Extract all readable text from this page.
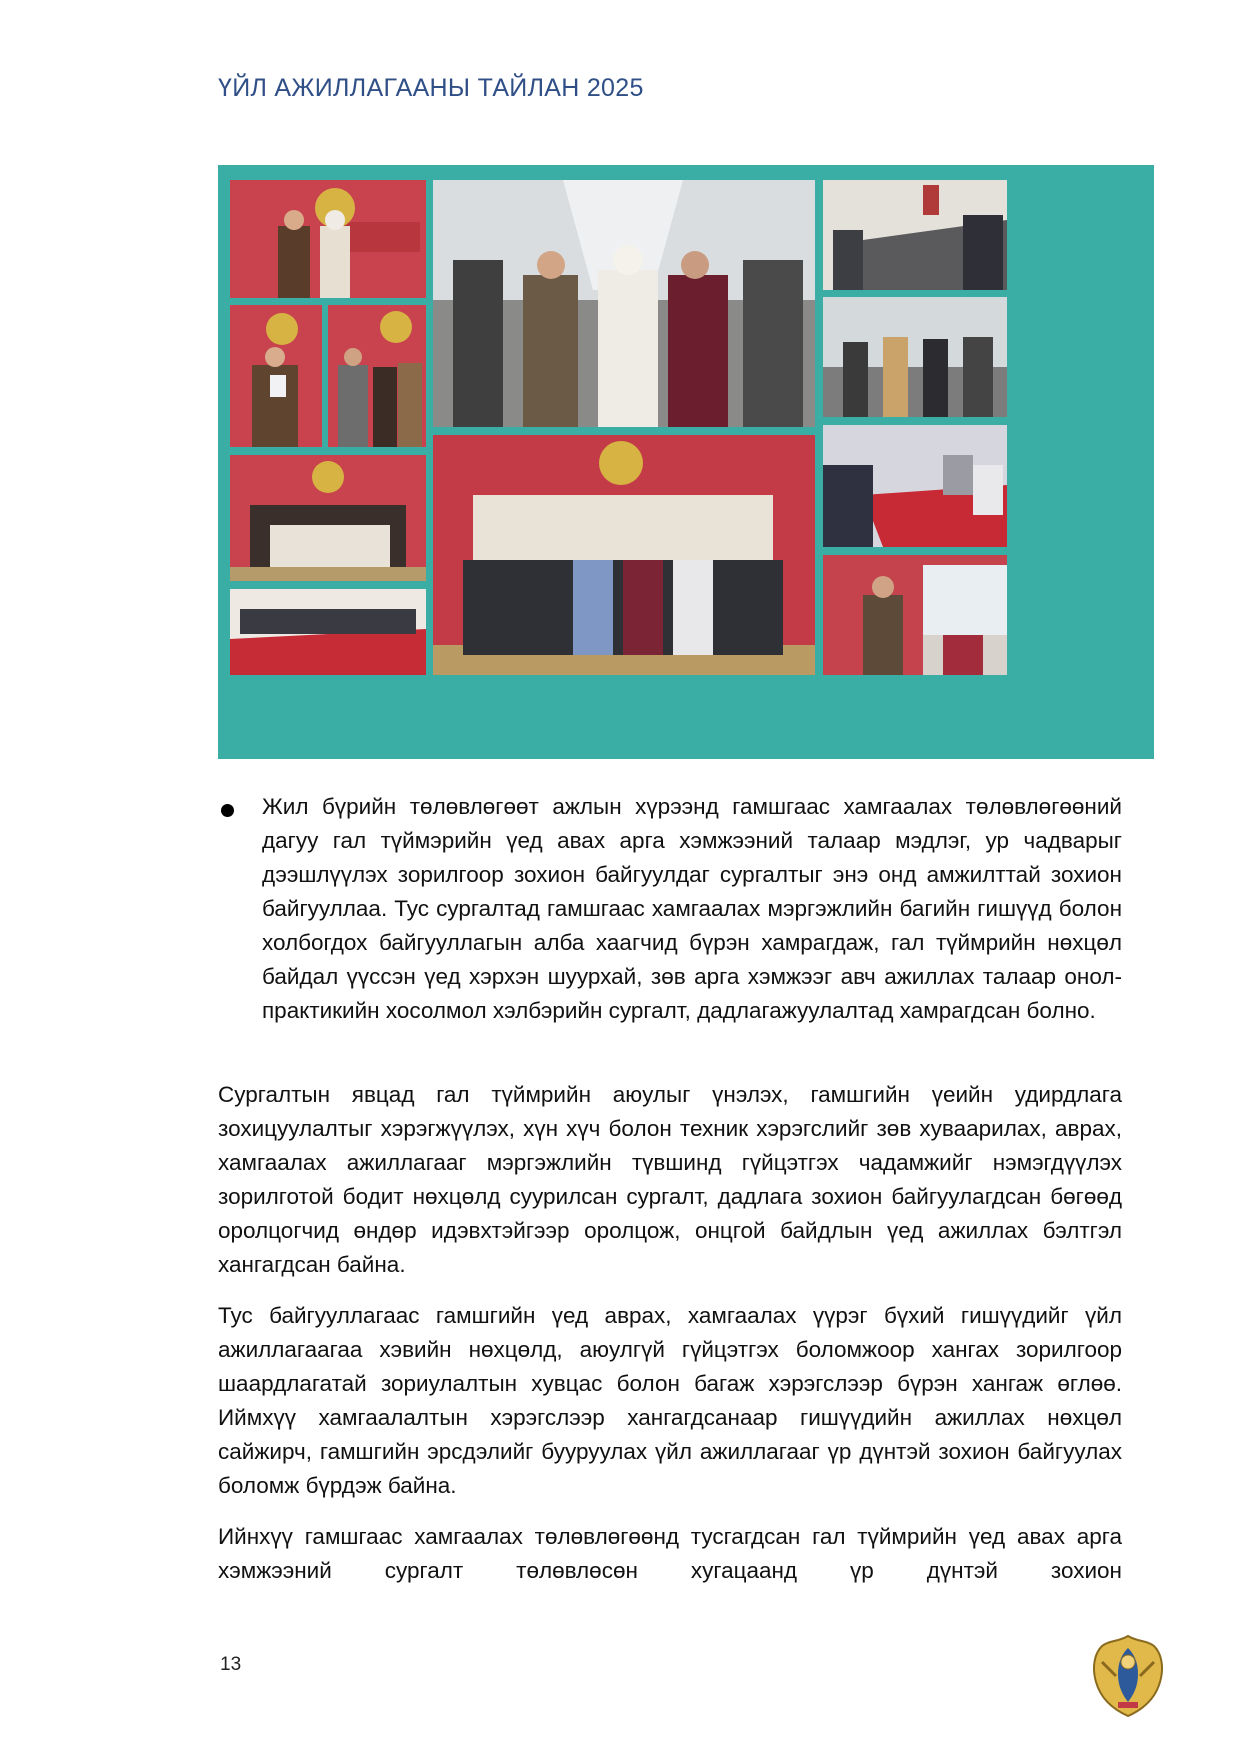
ҮЙЛ АЖИЛЛАГААНЫ ТАЙЛАН 2025

Жил бүрийн төлөвлөгөөт ажлын хүрээнд гамшгаас хамгаалах төлөвлөгөөний дагуу гал түймэрийн үед авах арга хэмжээний талаар мэдлэг, ур чадварыг дээшлүүлэх зорилгоор зохион байгуулдаг сургалтыг энэ онд амжилттай зохион байгууллаа. Тус сургалтад гамшгаас хамгаалах мэргэжлийн багийн гишүүд болон холбогдох байгууллагын алба хаагчид бүрэн хамрагдаж, гал түймрийн нөхцөл байдал үүссэн үед хэрхэн шуурхай, зөв арга хэмжээг авч ажиллах талаар онол-практикийн хосолмол хэлбэрийн сургалт, дадлагажуулалтад хамрагдсан болно.

Сургалтын явцад гал түймрийн аюулыг үнэлэх, гамшгийн үеийн удирдлага зохицуулалтыг хэрэгжүүлэх, хүн хүч болон техник хэрэгслийг зөв хуваарилах, аврах, хамгаалах ажиллагааг мэргэжлийн түвшинд гүйцэтгэх чадамжийг нэмэгдүүлэх зорилготой бодит нөхцөлд суурилсан сургалт, дадлага зохион байгуулагдсан бөгөөд оролцогчид өндөр идэвхтэйгээр оролцож, онцгой байдлын үед ажиллах бэлтгэл хангагдсан байна.

Тус байгууллагаас гамшгийн үед аврах, хамгаалах үүрэг бүхий гишүүдийг үйл ажиллагаагаа хэвийн нөхцөлд, аюулгүй гүйцэтгэх боломжоор хангах зорилгоор шаардлагатай зориулалтын хувцас болон багаж хэрэгслээр бүрэн хангаж өглөө. Иймхүү хамгаалалтын хэрэгслээр хангагдсанаар гишүүдийн ажиллах нөхцөл сайжирч, гамшгийн эрсдэлийг бууруулах үйл ажиллагааг үр дүнтэй зохион байгуулах боломж бүрдэж байна.

Ийнхүү гамшгаас хамгаалах төлөвлөгөөнд тусгагдсан гал түймрийн үед авах арга хэмжээний сургалт төлөвлөсөн хугацаанд үр дүнтэй зохион

13
